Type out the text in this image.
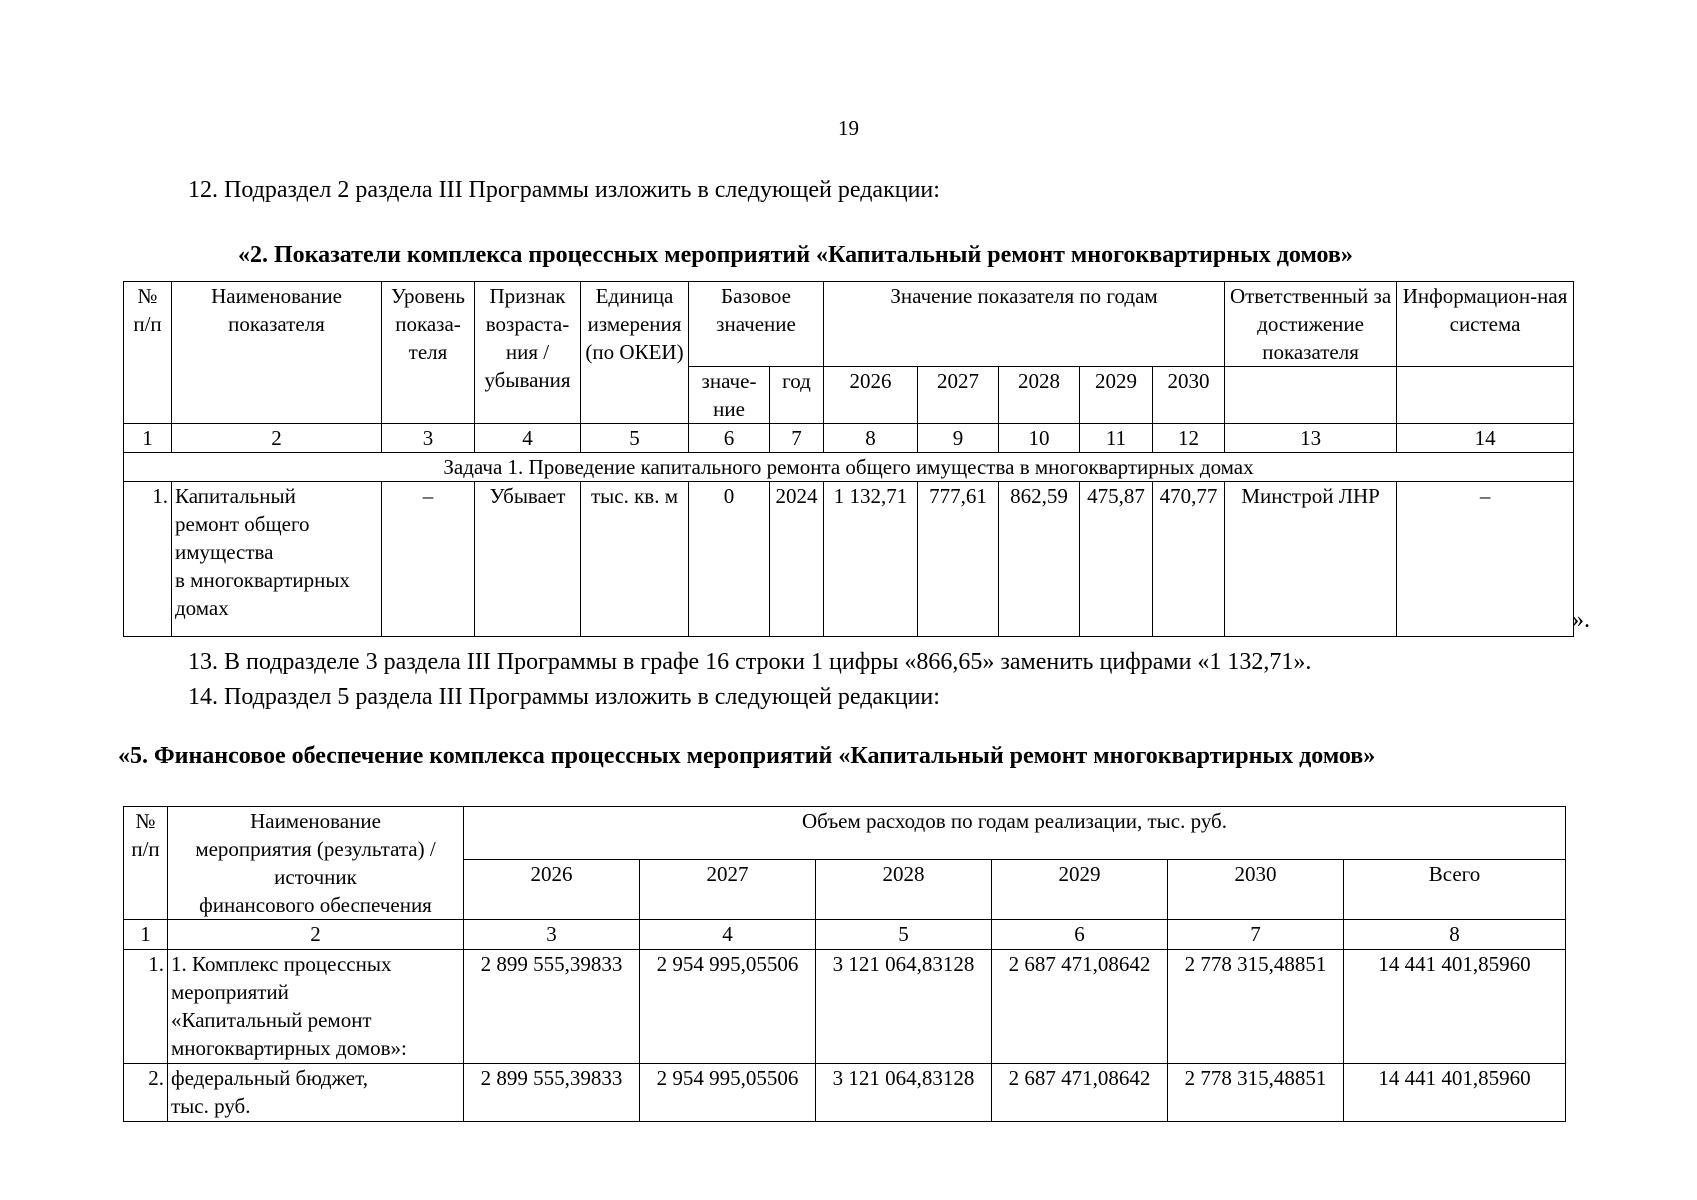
19
12. Подраздел 2 раздела III Программы изложить в следующей редакции:
«2. Показатели комплекса процессных мероприятий «Капитальный ремонт многоквартирных домов»
№ п/п	Наименование показателя	Уровень показа-теля	Признак возраста-ния / убывания	Единица измерения (по ОКЕИ)	Базовое значение		Значение показателя по годам					Ответственный за достижение показателя	Информацион-ная система
					значе-ние	год	2026	2027	2028	2029	2030		
1	2	3	4	5	6	7	8	9	10	11	12	13	14
Задача 1. Проведение капитального ремонта общего имущества в многоквартирных домах													
1.	Капитальный
ремонт общего
имущества
в многоквартирных
домах	–	Убывает	тыс. кв. м	0	2024	1 132,71	777,61	862,59	475,87	470,77	Минстрой ЛНР	–
».
13. В подразделе 3 раздела III Программы в графе 16 строки 1 цифры «866,65» заменить цифрами «1 132,71».
14. Подраздел 5 раздела III Программы изложить в следующей редакции:
«5. Финансовое обеспечение комплекса процессных мероприятий «Капитальный ремонт многоквартирных домов»
№ п/п	Наименование
мероприятия (результата) /
источник
финансового обеспечения	Объем расходов по годам реализации, тыс. руб.					
		2026	2027	2028	2029	2030	Всего
1	2	3	4	5	6	7	8
1.	1. Комплекс процессных
мероприятий
«Капитальный ремонт
многоквартирных домов»:	2 899 555,39833	2 954 995,05506	3 121 064,83128	2 687 471,08642	2 778 315,48851	14 441 401,85960
2.	федеральный бюджет,
тыс. руб.	2 899 555,39833	2 954 995,05506	3 121 064,83128	2 687 471,08642	2 778 315,48851	14 441 401,85960
